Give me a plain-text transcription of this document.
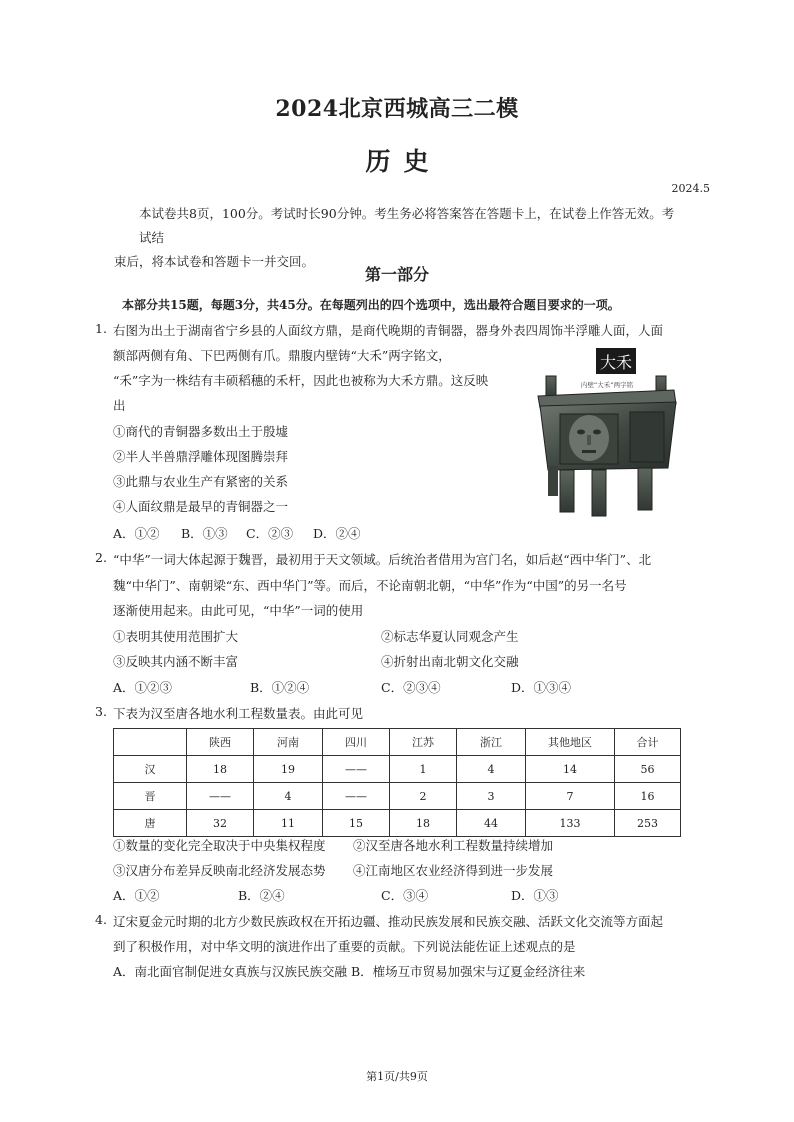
2024北京西城高三二模
历 史
2024.5
本试卷共8页，100分。考试时长90分钟。考生务必将答案答在答题卡上，在试卷上作答无效。考试结
束后，将本试卷和答题卡一并交回。
第一部分
本部分共15题，每题3分，共45分。在每题列出的四个选项中，选出最符合题目要求的一项。
1. 右图为出土于湖南省宁乡县的人面纹方鼎，是商代晚期的青铜器，器身外表四周饰半浮雕人面，人面
额部两侧有角、下巴两侧有爪。鼎腹内壁铸“大禾”两字铭文，
“禾”字为一株结有丰硕稻穗的禾杆，因此也被称为大禾方鼎。这反映
出
①商代的青铜器多数出土于殷墟
②半人半兽鼎浮雕体现图腾崇拜
③此鼎与农业生产有紧密的关系
④人面纹鼎是最早的青铜器之一
A．①② B．①③ C．②③ D．②④
大禾
内壁“大禾”两字铭
2. “中华”一词大体起源于魏晋，最初用于天文领域。后统治者借用为宫门名，如后赵“西中华门”、北
魏“中华门”、南朝梁“东、西中华门”等。而后，不论南朝北朝，“中华”作为“中国”的另一名号
逐渐使用起来。由此可见，“中华”一词的使用
①表明其使用范围扩大	②标志华夏认同观念产生
③反映其内涵不断丰富	④折射出南北朝文化交融
A．①②③	B．①②④	C．②③④	D．①③④
3. 下表为汉至唐各地水利工程数量表。由此可见
	陕西	河南	四川	江苏	浙江	其他地区	合计
汉	18	19	——	1	4	14	56
晋	——	4	——	2	3	7	16
唐	32	11	15	18	44	133	253
①数量的变化完全取决于中央集权程度 ②汉至唐各地水利工程数量持续增加
③汉唐分布差异反映南北经济发展态势 ④江南地区农业经济得到进一步发展
A．①②	B．②④	C．③④	D．①③
4. 辽宋夏金元时期的北方少数民族政权在开拓边疆、推动民族发展和民族交融、活跃文化交流等方面起
到了积极作用，对中华文明的演进作出了重要的贡献。下列说法能佐证上述观点的是
A．南北面官制促进女真族与汉族民族交融 B．榷场互市贸易加强宋与辽夏金经济往来
第1页/共9页
